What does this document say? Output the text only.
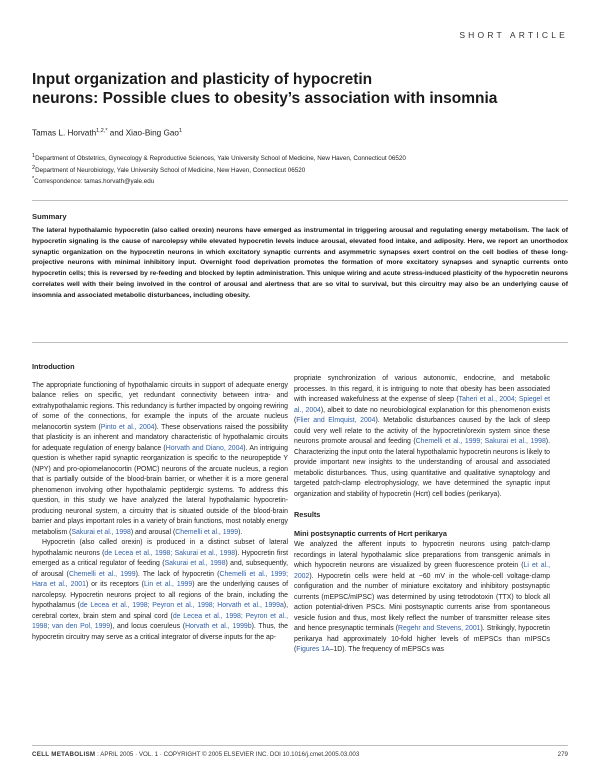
SHORT ARTICLE
Input organization and plasticity of hypocretin
neurons: Possible clues to obesity’s association with insomnia
Tamas L. Horvath$^{1,2,*}$ and Xiao-Bing Gao$^1$
$^1$Department of Obstetrics, Gynecology & Reproductive Sciences, Yale University School of Medicine, New Haven, Connecticut 06520
$^2$Department of Neurobiology, Yale University School of Medicine, New Haven, Connecticut 06520
*Correspondence: tamas.horvath@yale.edu
Summary
The lateral hypothalamic hypocretin (also called orexin) neurons have emerged as instrumental in triggering arousal and regulating energy metabolism. The lack of hypocretin signaling is the cause of narcolepsy while elevated hypocretin levels induce arousal, elevated food intake, and adiposity. Here, we report an unorthodox synaptic organization on the hypocretin neurons in which excitatory synaptic currents and asymmetric synapses exert control on the cell bodies of these long-projective neurons with minimal inhibitory input. Overnight food deprivation promotes the formation of more excitatory synapses and synaptic currents onto hypocretin cells; this is reversed by re-feeding and blocked by leptin administration. This unique wiring and acute stress-induced plasticity of the hypocretin neurons correlates well with their being involved in the control of arousal and alertness that are so vital to survival, but this circuitry may also be an underlying cause of insomnia and associated metabolic disturbances, including obesity.

Introduction

The appropriate functioning of hypothalamic circuits in support of adequate energy balance relies on specific, yet redundant connectivity between intra- and extrahypothalamic regions. This redundancy is further impacted by ongoing rewiring of some of the connections, for example the inputs of the arcuate nucleus melanocortin system (Pinto et al., 2004). These observations raised the possibility that plasticity is an inherent and mandatory characteristic of hypothalamic circuits for adequate regulation of energy balance (Horvath and Diano, 2004). An intriguing question is whether rapid synaptic reorganization is specific to the neuropeptide Y (NPY) and pro-opiomelanocortin (POMC) neurons of the arcuate nucleus, a region that is partially outside of the blood-brain barrier, or whether it is a more general phenomenon involving other hypothalamic peptidergic systems. To address this question, in this study we have analyzed the lateral hypothalamic hypocretin-producing neuronal system, a circuitry that is situated outside of the blood-brain barrier and plays important roles in a variety of brain functions, most notably energy metabolism (Sakurai et al., 1998) and arousal (Chemelli et al., 1999).

Hypocretin (also called orexin) is produced in a distinct subset of lateral hypothalamic neurons (de Lecea et al., 1998; Sakurai et al., 1998). Hypocretin first emerged as a critical regulator of feeding (Sakurai et al., 1998) and, subsequently, of arousal (Chemelli et al., 1999). The lack of hypocretin (Chemelli et al., 1999; Hara et al., 2001) or its receptors (Lin et al., 1999) are the underlying causes of narcolepsy. Hypocretin neurons project to all regions of the brain, including the hypothalamus (de Lecea et al., 1998; Peyron et al., 1998; Horvath et al., 1999a), cerebral cortex, brain stem and spinal cord (de Lecea et al., 1998; Peyron et al., 1998; van den Pol, 1999), and locus coeruleus (Horvath et al., 1999b). Thus, the hypocretin circuitry may serve as a critical integrator of diverse inputs for the ap-

propriate synchronization of various autonomic, endocrine, and metabolic processes. In this regard, it is intriguing to note that obesity has been associated with increased wakefulness at the expense of sleep (Taheri et al., 2004; Spiegel et al., 2004), albeit to date no neurobiological explanation for this phenomenon exists (Flier and Elmquist, 2004). Metabolic disturbances caused by the lack of sleep could very well relate to the activity of the hypocretin/orexin system since these neurons promote arousal and feeding (Chemelli et al., 1999; Sakurai et al., 1998). Characterizing the input onto the lateral hypothalamic hypocretin neurons is likely to provide important new insights to the understanding of arousal and associated metabolic disturbances. Thus, using quantitative and qualitative synaptology and targeted patch-clamp electrophysiology, we have determined the synaptic input organization and stability of hypocretin (Hcrt) cell bodies (perikarya).

Results

Mini postsynaptic currents of Hcrt perikarya

We analyzed the afferent inputs to hypocretin neurons using patch-clamp recordings in lateral hypothalamic slice preparations from transgenic animals in which hypocretin neurons are visualized by green fluorescence protein (Li et al., 2002). Hypocretin cells were held at −60 mV in the whole-cell voltage-clamp configuration and the number of miniature excitatory and inhibitory postsynaptic currents (mEPSC/mIPSC) was determined by using tetrodotoxin (TTX) to block all action potential-driven PSCs. Mini postsynaptic currents arise from spontaneous vesicle fusion and thus, most likely reflect the number of transmitter release sites and hence presynaptic terminals (Regehr and Stevens, 2001). Strikingly, hypocretin perikarya had approximately 10-fold higher levels of mEPSCs than mIPSCs (Figures 1A–1D). The frequency of mEPSCs was

CELL METABOLISM : APRIL 2005 · VOL. 1 · COPYRIGHT © 2005 ELSEVIER INC. DOI 10.1016/j.cmet.2005.03.003	279
